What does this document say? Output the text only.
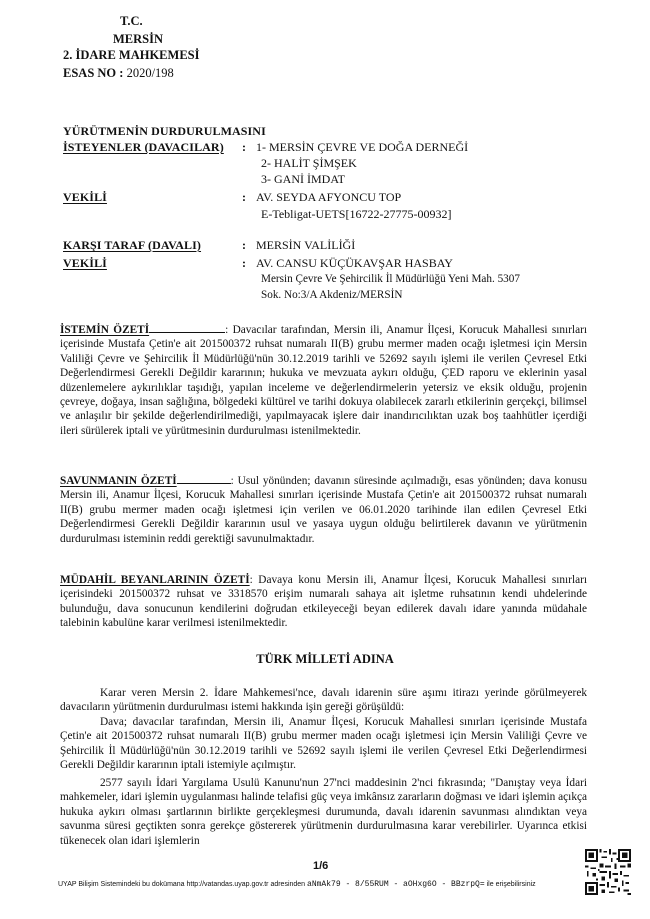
T.C.
MERSİN
2. İDARE MAHKEMESİ
ESAS NO : 2020/198
YÜRÜTMENİN DURDURULMASINI
İSTEYENLER (DAVACILAR)	: 1- MERSİN ÇEVRE VE DOĞA DERNEĞİ
2- HALİT ŞİMŞEK
3- GANİ İMDAT
VEKİLİ	: AV. SEYDA AFYONCU TOP
E-Tebligat-UETS[16722-27775-00932]
KARŞI TARAF (DAVALI)	: MERSİN VALİLİĞİ
VEKİLİ	: AV. CANSU KÜÇÜKAVŞAR HASBAY
Mersin Çevre Ve Şehircilik İl Müdürlüğü Yeni Mah. 5307
Sok. No:3/A Akdeniz/MERSİN
İSTEMİN ÖZETİ	: Davacılar tarafından, Mersin ili, Anamur İlçesi, Korucuk Mahallesi sınırları içerisinde Mustafa Çetin'e ait 201500372 ruhsat numaralı II(B) grubu mermer maden ocağı işletmesi için Mersin Valiliği Çevre ve Şehircilik İl Müdürlüğü'nün 30.12.2019 tarihli ve 52692 sayılı işlemi ile verilen Çevresel Etki Değerlendirmesi Gerekli Değildir kararının; hukuka ve mevzuata aykırı olduğu, ÇED raporu ve eklerinin yasal düzenlemelere aykırılıklar taşıdığı, yapılan inceleme ve değerlendirmelerin yetersiz ve eksik olduğu, projenin çevreye, doğaya, insan sağlığına, bölgedeki kültürel ve tarihi dokuya olabilecek zararlı etkilerinin gerçekçi, bilimsel ve anlaşılır bir şekilde değerlendirilmediği, yapılmayacak işlere dair inandırıcılıktan uzak boş taahhütler içerdiği ileri sürülerek iptali ve yürütmesinin durdurulması istenilmektedir.
SAVUNMANIN ÖZETİ	: Usul yönünden; davanın süresinde açılmadığı, esas yönünden; dava konusu Mersin ili, Anamur İlçesi, Korucuk Mahallesi sınırları içerisinde Mustafa Çetin'e ait 201500372 ruhsat numaralı II(B) grubu mermer maden ocağı işletmesi için verilen ve 06.01.2020 tarihinde ilan edilen Çevresel Etki Değerlendirmesi Gerekli Değildir kararının usul ve yasaya uygun olduğu belirtilerek davanın ve yürütmenin durdurulması isteminin reddi gerektiği savunulmaktadır.
MÜDAHİL BEYANLARININ ÖZETİ: Davaya konu Mersin ili, Anamur İlçesi, Korucuk Mahallesi sınırları içerisindeki 201500372 ruhsat ve 3318570 erişim numaralı sahaya ait işletme ruhsatının kendi uhdelerinde bulunduğu, dava sonucunun kendilerini doğrudan etkileyeceği beyan edilerek davalı idare yanında müdahale talebinin kabulüne karar verilmesi istenilmektedir.
TÜRK MİLLETİ ADINA
Karar veren Mersin 2. İdare Mahkemesi'nce, davalı idarenin süre aşımı itirazı yerinde görülmeyerek davacıların yürütmenin durdurulması istemi hakkında işin gereği görüşüldü:
Dava; davacılar tarafından, Mersin ili, Anamur İlçesi, Korucuk Mahallesi sınırları içerisinde Mustafa Çetin'e ait 201500372 ruhsat numaralı II(B) grubu mermer maden ocağı işletmesi için Mersin Valiliği Çevre ve Şehircilik İl Müdürlüğü'nün 30.12.2019 tarihli ve 52692 sayılı işlemi ile verilen Çevresel Etki Değerlendirmesi Gerekli Değildir kararının iptali istemiyle açılmıştır.
2577 sayılı İdari Yargılama Usulü Kanunu'nun 27'nci maddesinin 2'nci fıkrasında; "Danıştay veya İdari mahkemeler, idari işlemin uygulanması halinde telafisi güç veya imkânsız zararların doğması ve idari işlemin açıkça hukuka aykırı olması şartlarının birlikte gerçekleşmesi durumunda, davalı idarenin savunması alındıktan veya savunma süresi geçtikten sonra gerekçe göstererek yürütmenin durdurulmasına karar verebilirler. Uyarınca etkisi tükenecek olan idari işlemlerin
1/6
UYAP Bilişim Sistemindeki bu dokümana http://vatandas.uyap.gov.tr adresinden aNmAk79 - 8/55RUM - aOHxg6O - BBzrpQ= ile erişebilirsiniz
